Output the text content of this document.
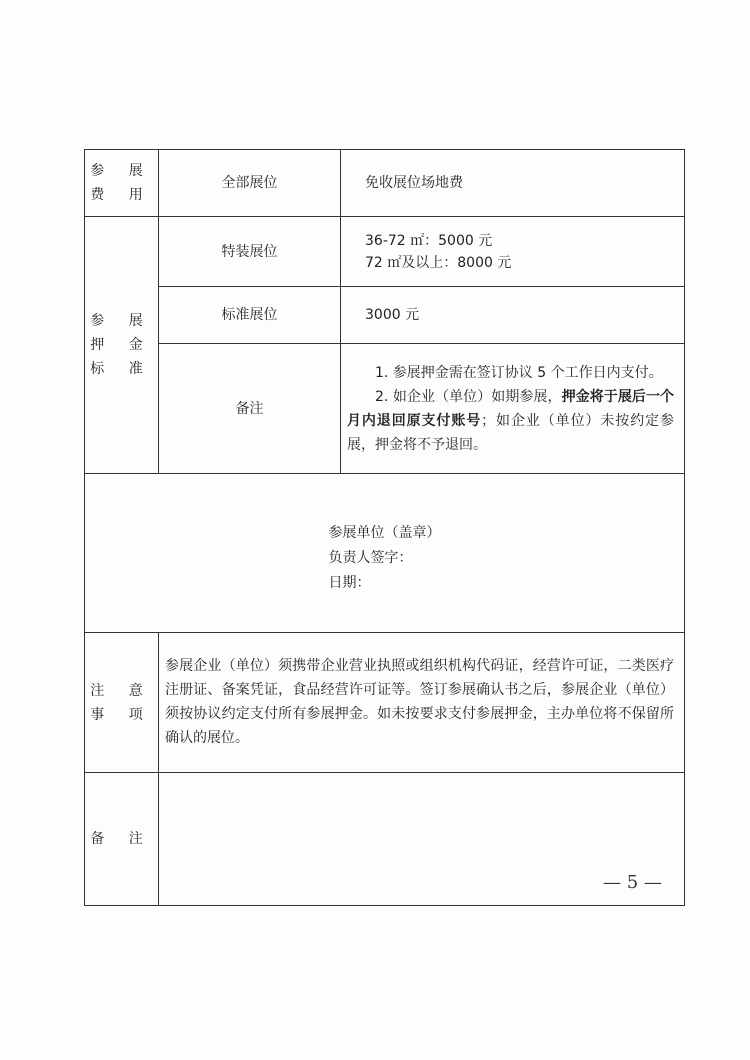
参 展
费 用	全部展位	免收展位场地费

参 展
押 金
标 准	特装展位	36-72 ㎡：5000 元
72 ㎡及以上：8000 元

	标准展位	3000 元
	备注	1. 参展押金需在签订协议 5 个工作日内支付。
2. 如企业（单位）如期参展，押金将于展后一个月内退回原支付账号；如企业（单位）未按约定参展，押金将不予退回。

参展单位（盖章）
负责人签字：
日期：		

注 意
事 项	参展企业（单位）须携带企业营业执照或组织机构代码证，经营许可证，二类医疗注册证、备案凭证，食品经营许可证等。签订参展确认书之后，参展企业（单位）须按协议约定支付所有参展押金。如未按要求支付参展押金，主办单位将不保留所确认的展位。	
备 注		
— 5 —
